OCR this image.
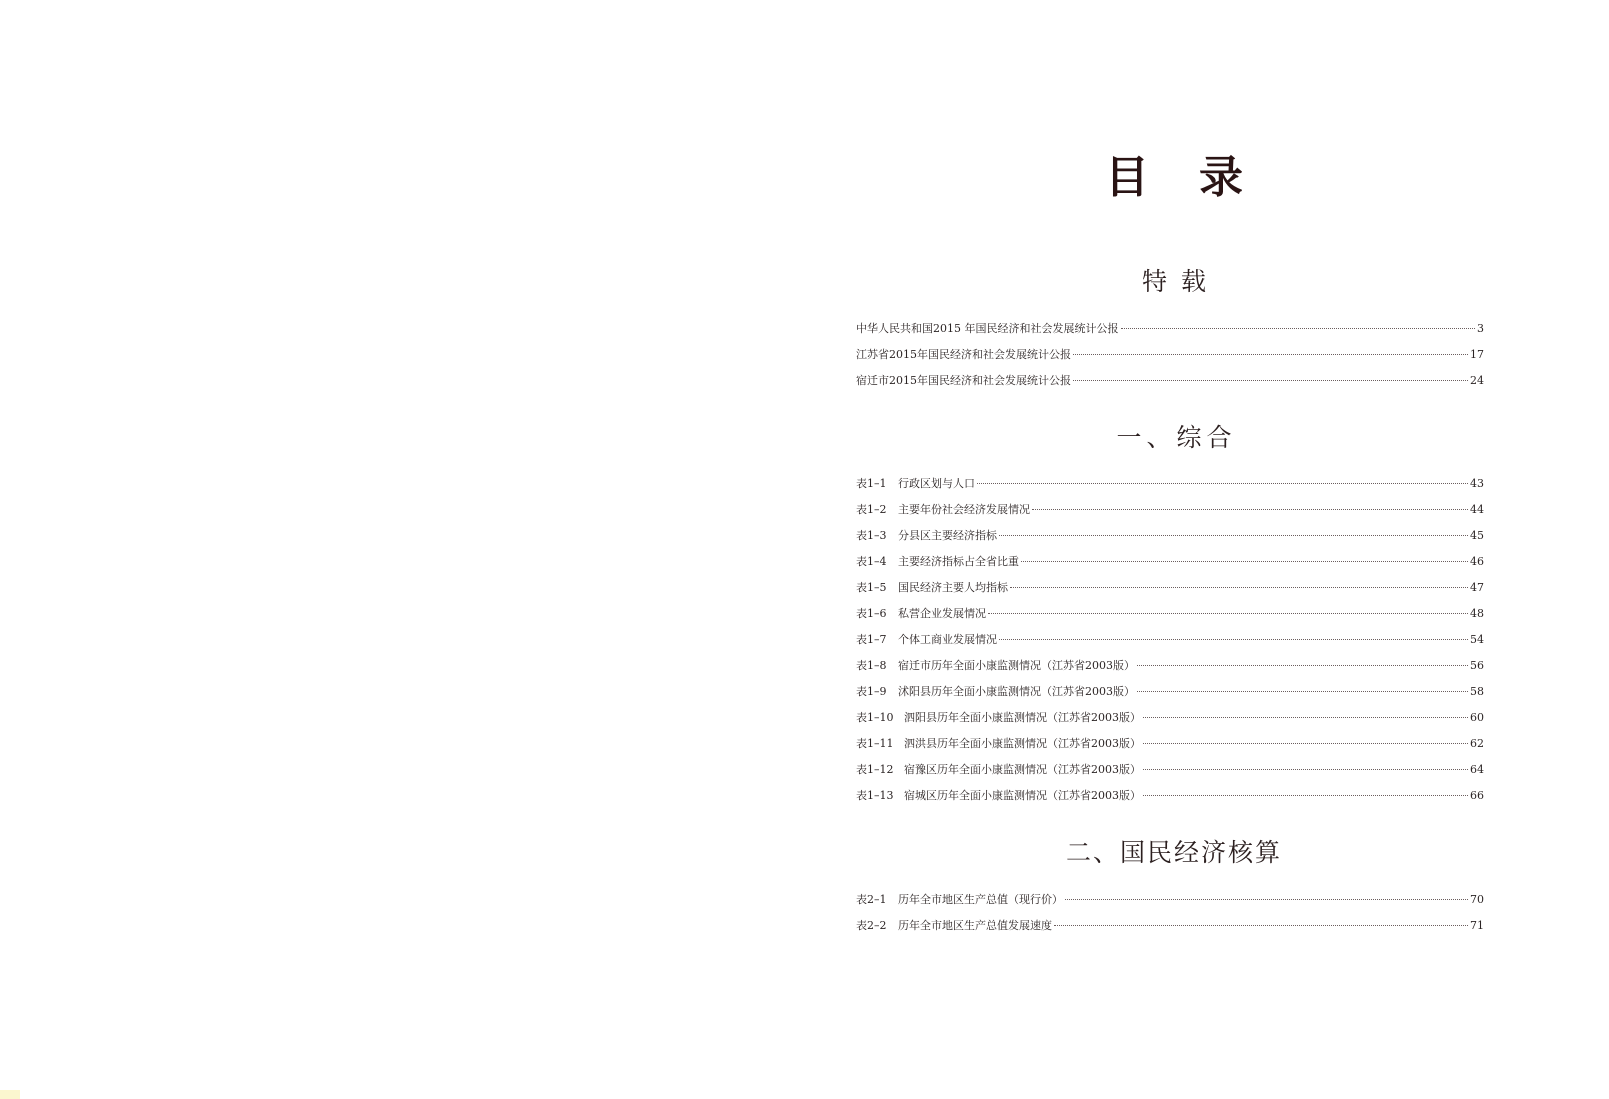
目录
特载
中华人民共和国2015 年国民经济和社会发展统计公报	3
江苏省2015年国民经济和社会发展统计公报	17
宿迁市2015年国民经济和社会发展统计公报	24
一、综合
表1–1	行政区划与人口	43
表1–2	主要年份社会经济发展情况	44
表1–3	分县区主要经济指标	45
表1–4	主要经济指标占全省比重	46
表1–5	国民经济主要人均指标	47
表1–6	私营企业发展情况	48
表1–7	个体工商业发展情况	54
表1–8	宿迁市历年全面小康监测情况（江苏省2003版）	56
表1–9	沭阳县历年全面小康监测情况（江苏省2003版）	58
表1–10 泗阳县历年全面小康监测情况（江苏省2003版）	60
表1–11 泗洪县历年全面小康监测情况（江苏省2003版）	62
表1–12 宿豫区历年全面小康监测情况（江苏省2003版）	64
表1–13 宿城区历年全面小康监测情况（江苏省2003版）	66
二、国民经济核算
表2–1	历年全市地区生产总值（现行价）	70
表2–2	历年全市地区生产总值发展速度	71
